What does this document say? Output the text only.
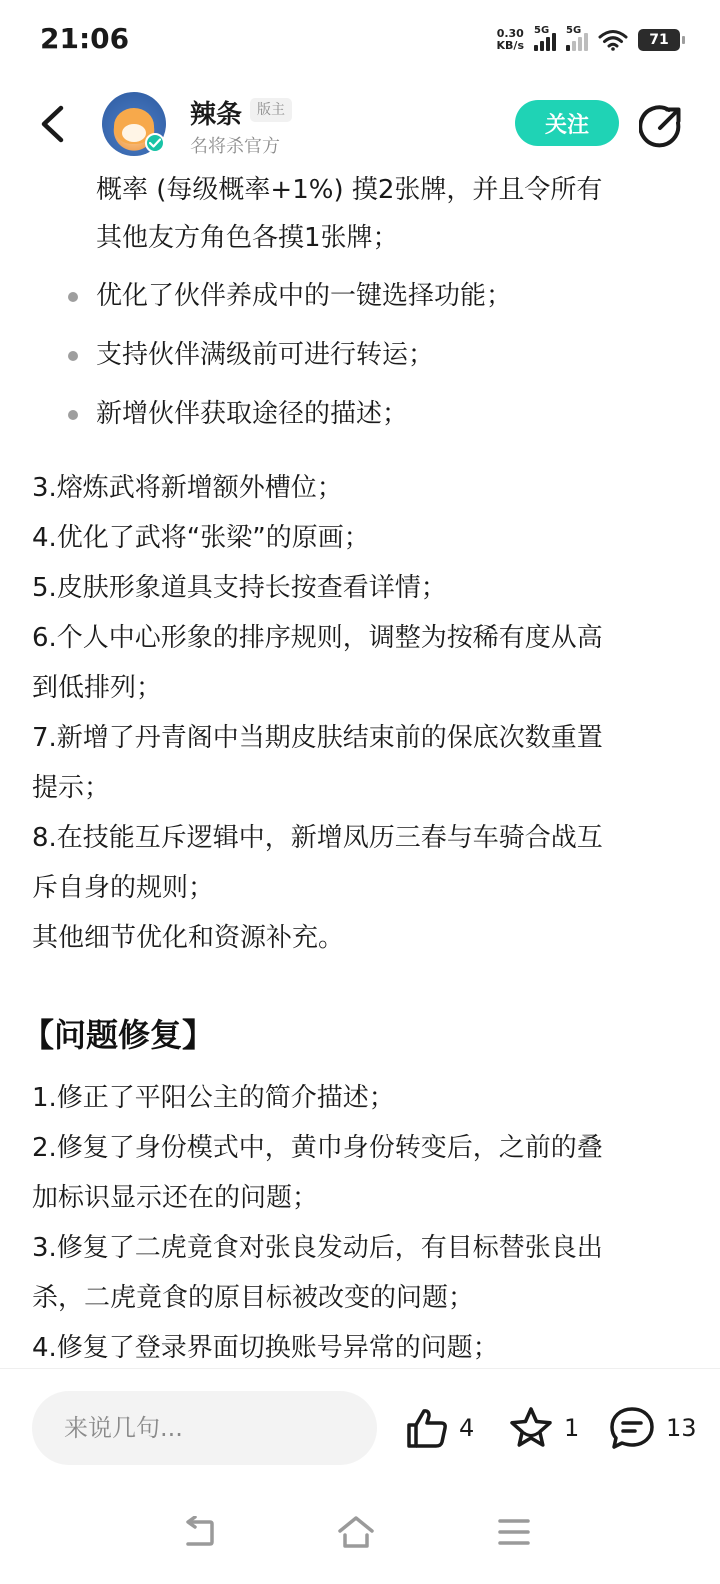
21:06	0.30
KB/s
5G 5G
71
辣条	版主
名将杀官方
关注
概率 (每级概率+1%) 摸2张牌，并且令所有
其他友方角色各摸1张牌；
优化了伙伴养成中的一键选择功能；
支持伙伴满级前可进行转运；
新增伙伴获取途径的描述；
3.熔炼武将新增额外槽位；
4.优化了武将“张梁”的原画；
5.皮肤形象道具支持长按查看详情；
6.个人中心形象的排序规则，调整为按稀有度从高
到低排列；
7.新增了丹青阁中当期皮肤结束前的保底次数重置
提示；
8.在技能互斥逻辑中，新增凤历三春与车骑合战互
斥自身的规则；
其他细节优化和资源补充。
【问题修复】
1.修正了平阳公主的简介描述；
2.修复了身份模式中，黄巾身份转变后，之前的叠
加标识显示还在的问题；
3.修复了二虎竟食对张良发动后，有目标替张良出
杀，二虎竟食的原目标被改变的问题；
4.修复了登录界面切换账号异常的问题；
来说几句...
4	1	13
